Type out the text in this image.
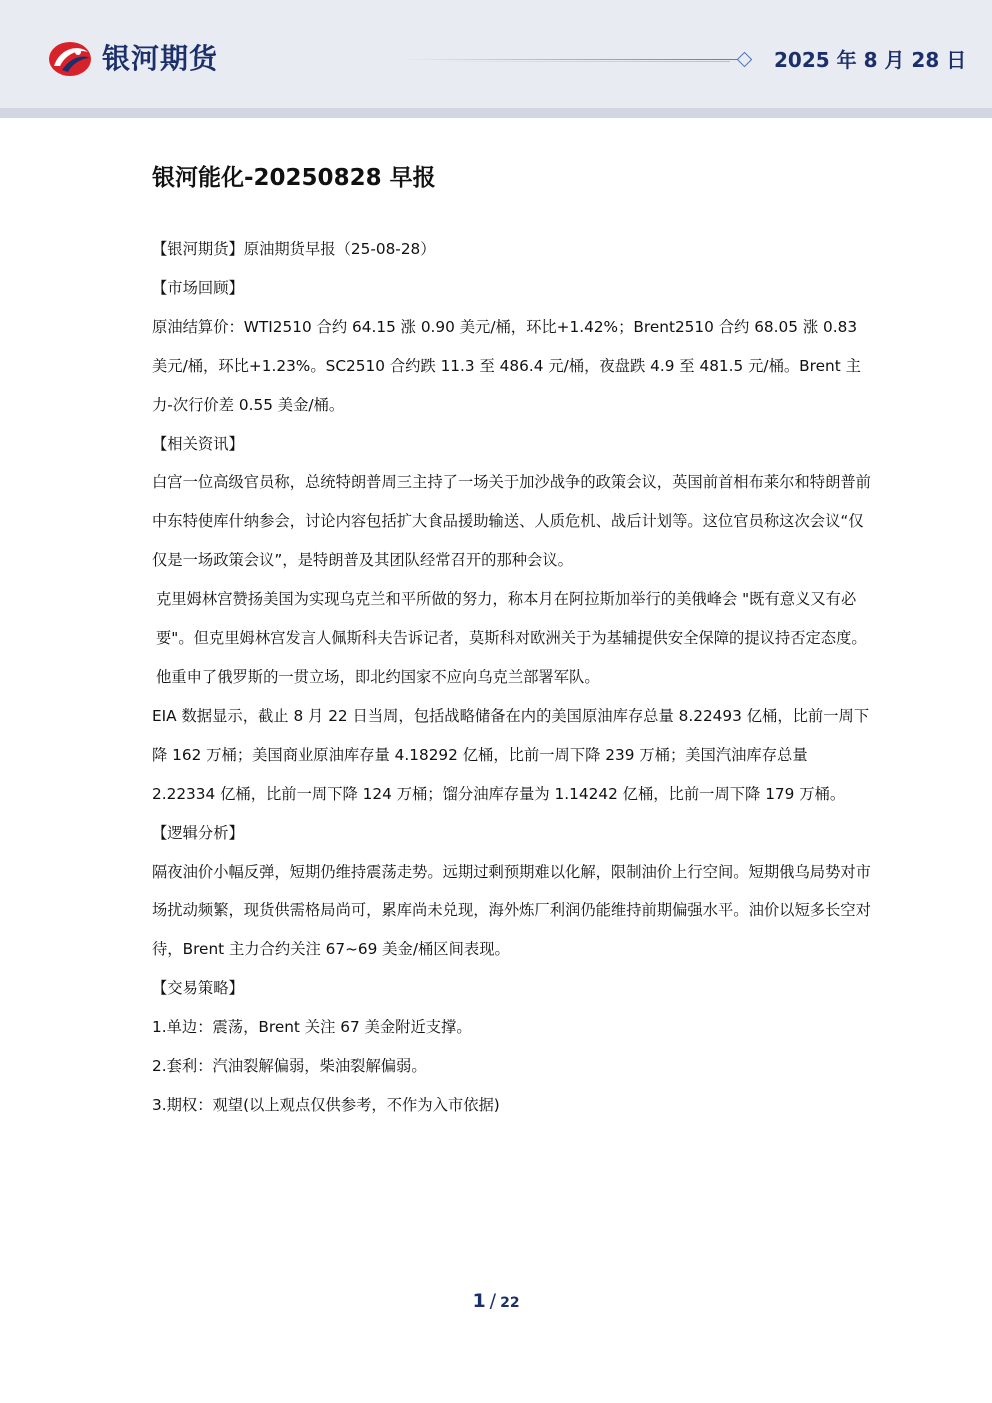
银河期货	2025 年 8 月 28 日
银河能化-20250828 早报

【银河期货】原油期货早报（25-08-28）

【市场回顾】

原油结算价：WTI2510 合约 64.15 涨 0.90 美元/桶，环比+1.42%；Brent2510 合约 68.05 涨 0.83 美元/桶，环比+1.23%。SC2510 合约跌 11.3 至 486.4 元/桶，夜盘跌 4.9 至 481.5 元/桶。Brent 主力-次行价差 0.55 美金/桶。

【相关资讯】

白宫一位高级官员称，总统特朗普周三主持了一场关于加沙战争的政策会议，英国前首相布莱尔和特朗普前中东特使库什纳参会，讨论内容包括扩大食品援助输送、人质危机、战后计划等。这位官员称这次会议“仅仅是一场政策会议”，是特朗普及其团队经常召开的那种会议。

克里姆林宫赞扬美国为实现乌克兰和平所做的努力，称本月在阿拉斯加举行的美俄峰会 "既有意义又有必要"。但克里姆林宫发言人佩斯科夫告诉记者，莫斯科对欧洲关于为基辅提供安全保障的提议持否定态度。他重申了俄罗斯的一贯立场，即北约国家不应向乌克兰部署军队。

EIA 数据显示，截止 8 月 22 日当周，包括战略储备在内的美国原油库存总量 8.22493 亿桶，比前一周下降 162 万桶；美国商业原油库存量 4.18292 亿桶，比前一周下降 239 万桶；美国汽油库存总量 2.22334 亿桶，比前一周下降 124 万桶；馏分油库存量为 1.14242 亿桶，比前一周下降 179 万桶。

【逻辑分析】

隔夜油价小幅反弹，短期仍维持震荡走势。远期过剩预期难以化解，限制油价上行空间。短期俄乌局势对市场扰动频繁，现货供需格局尚可，累库尚未兑现，海外炼厂利润仍能维持前期偏强水平。油价以短多长空对待，Brent 主力合约关注 67~69 美金/桶区间表现。

【交易策略】

1.单边：震荡，Brent 关注 67 美金附近支撑。

2.套利：汽油裂解偏弱，柴油裂解偏弱。

3.期权：观望(以上观点仅供参考，不作为入市依据)

1 / 22
